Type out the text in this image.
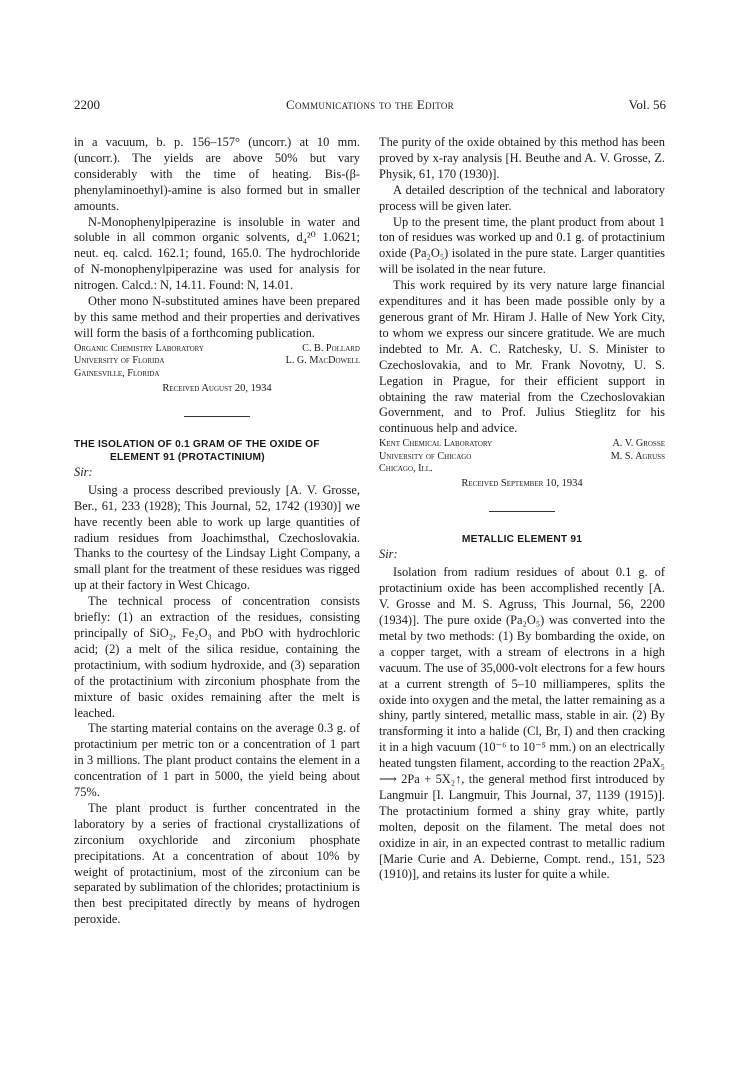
2200	Communications to the Editor	Vol. 56

in a vacuum, b. p. 156–157° (uncorr.) at 10 mm. (uncorr.). The yields are above 50% but vary considerably with the time of heating. Bis-(β-phenylaminoethyl)-amine is also formed but in smaller amounts.

N-Monophenylpiperazine is insoluble in water and soluble in all common organic solvents, d₄²⁰ 1.0621; neut. eq. calcd. 162.1; found, 165.0. The hydrochloride of N-monophenylpiperazine was used for analysis for nitrogen. Calcd.: N, 14.11. Found: N, 14.01.

Other mono N-substituted amines have been prepared by this same method and their properties and derivatives will form the basis of a forthcoming publication.

Organic Chemistry Laboratory	C. B. Pollard
University of Florida	L. G. MacDowell
Gainesville, Florida
Received August 20, 1934

THE ISOLATION OF 0.1 GRAM OF THE OXIDE OF
ELEMENT 91 (PROTACTINIUM)

Sir:

Using a process described previously [A. V. Grosse, Ber., 61, 233 (1928); This Journal, 52, 1742 (1930)] we have recently been able to work up large quantities of radium residues from Joachimsthal, Czechoslovakia. Thanks to the courtesy of the Lindsay Light Company, a small plant for the treatment of these residues was rigged up at their factory in West Chicago.

The technical process of concentration consists briefly: (1) an extraction of the residues, consisting principally of SiO₂, Fe₂O₃ and PbO with hydrochloric acid; (2) a melt of the silica residue, containing the protactinium, with sodium hydroxide, and (3) separation of the protactinium with zirconium phosphate from the mixture of basic oxides remaining after the melt is leached.

The starting material contains on the average 0.3 g. of protactinium per metric ton or a concentration of 1 part in 3 millions. The plant product contains the element in a concentration of 1 part in 5000, the yield being about 75%.

The plant product is further concentrated in the laboratory by a series of fractional crystallizations of zirconium oxychloride and zirconium phosphate precipitations. At a concentration of about 10% by weight of protactinium, most of the zirconium can be separated by sublimation of the chlorides; protactinium is then best precipitated directly by means of hydrogen peroxide.

The purity of the oxide obtained by this method has been proved by x-ray analysis [H. Beuthe and A. V. Grosse, Z. Physik, 61, 170 (1930)].

A detailed description of the technical and laboratory process will be given later.

Up to the present time, the plant product from about 1 ton of residues was worked up and 0.1 g. of protactinium oxide (Pa₂O₅) isolated in the pure state. Larger quantities will be isolated in the near future.

This work required by its very nature large financial expenditures and it has been made possible only by a generous grant of Mr. Hiram J. Halle of New York City, to whom we express our sincere gratitude. We are much indebted to Mr. A. C. Ratchesky, U. S. Minister to Czechoslovakia, and to Mr. Frank Novotny, U. S. Legation in Prague, for their efficient support in obtaining the raw material from the Czechoslovakian Government, and to Prof. Julius Stieglitz for his continuous help and advice.

Kent Chemical Laboratory	A. V. Grosse
University of Chicago	M. S. Agruss
Chicago, Ill.
Received September 10, 1934

METALLIC ELEMENT 91

Sir:

Isolation from radium residues of about 0.1 g. of protactinium oxide has been accomplished recently [A. V. Grosse and M. S. Agruss, This Journal, 56, 2200 (1934)]. The pure oxide (Pa₂O₅) was converted into the metal by two methods: (1) By bombarding the oxide, on a copper target, with a stream of electrons in a high vacuum. The use of 35,000-volt electrons for a few hours at a current strength of 5–10 milliamperes, splits the oxide into oxygen and the metal, the latter remaining as a shiny, partly sintered, metallic mass, stable in air. (2) By transforming it into a halide (Cl, Br, I) and then cracking it in a high vacuum (10⁻⁶ to 10⁻⁵ mm.) on an electrically heated tungsten filament, according to the reaction 2PaX₅ ⟶ 2Pa + 5X₂↑, the general method first introduced by Langmuir [I. Langmuir, This Journal, 37, 1139 (1915)]. The protactinium formed a shiny gray white, partly molten, deposit on the filament. The metal does not oxidize in air, in an expected contrast to metallic radium [Marie Curie and A. Debierne, Compt. rend., 151, 523 (1910)], and retains its luster for quite a while.
